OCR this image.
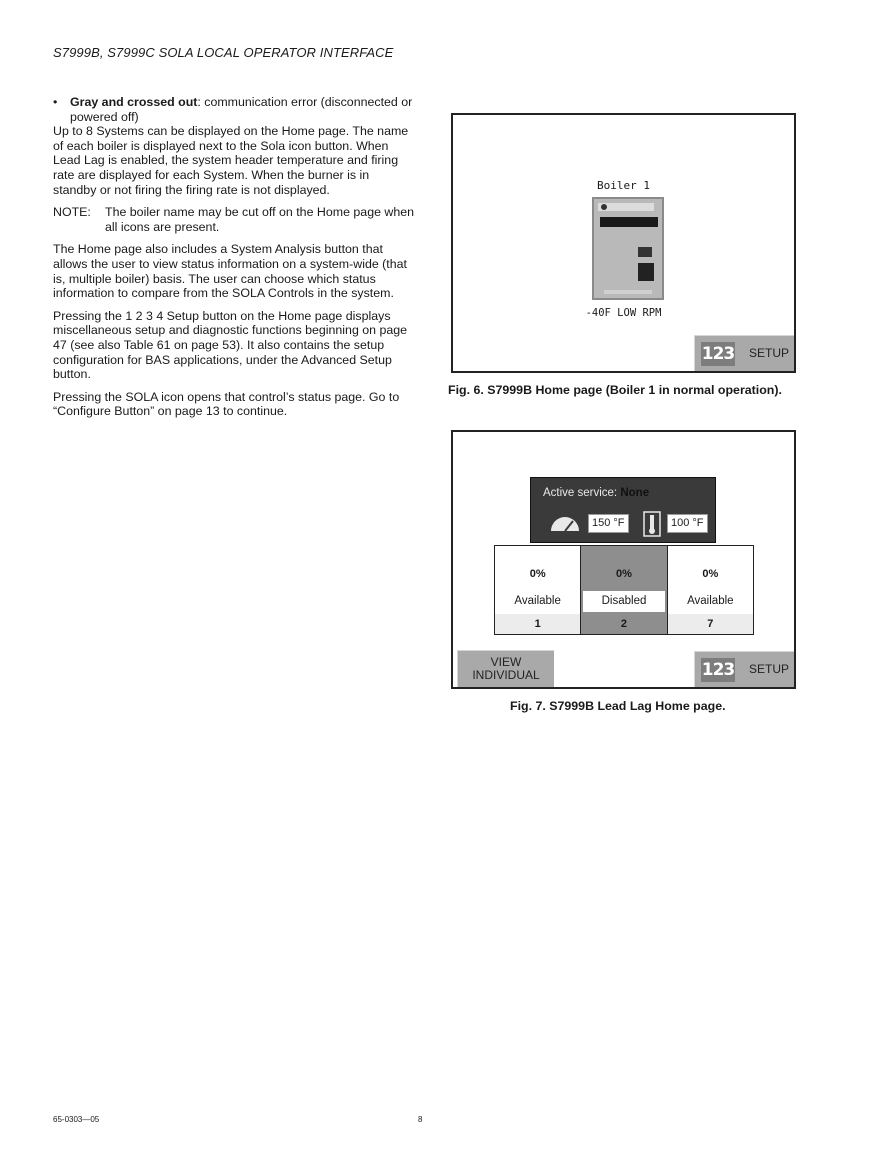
S7999B, S7999C SOLA LOCAL OPERATOR INTERFACE
•	Gray and crossed out: communication error (disconnected or powered off)

Up to 8 Systems can be displayed on the Home page. The name of each boiler is displayed next to the Sola icon button. When Lead Lag is enabled, the system header temperature and firing rate are displayed for each System. When the burner is in standby or not firing the firing rate is not displayed.

NOTE:	The boiler name may be cut off on the Home page when all icons are present.

The Home page also includes a System Analysis button that allows the user to view status information on a system-wide (that is, multiple boiler) basis. The user can choose which status information to compare from the SOLA Controls in the system.

Pressing the 1 2 3 4 Setup button on the Home page displays miscellaneous setup and diagnostic functions beginning on page 47 (see also Table 61 on page 53). It also contains the setup configuration for BAS applications, under the Advanced Setup button.

Pressing the SOLA icon opens that control’s status page. Go to “Configure Button” on page 13 to continue.

Boiler 1
-40F LOW RPM
123 SETUP
Fig. 6. S7999B Home page (Boiler 1 in normal operation).
Active service: None
150 °F	100 °F
0%
Available
1
0%
Disabled
2
0%
Available
7
VIEW
INDIVIDUAL	123 SETUP
Fig. 7. S7999B Lead Lag Home page.
65-0303—05	8
